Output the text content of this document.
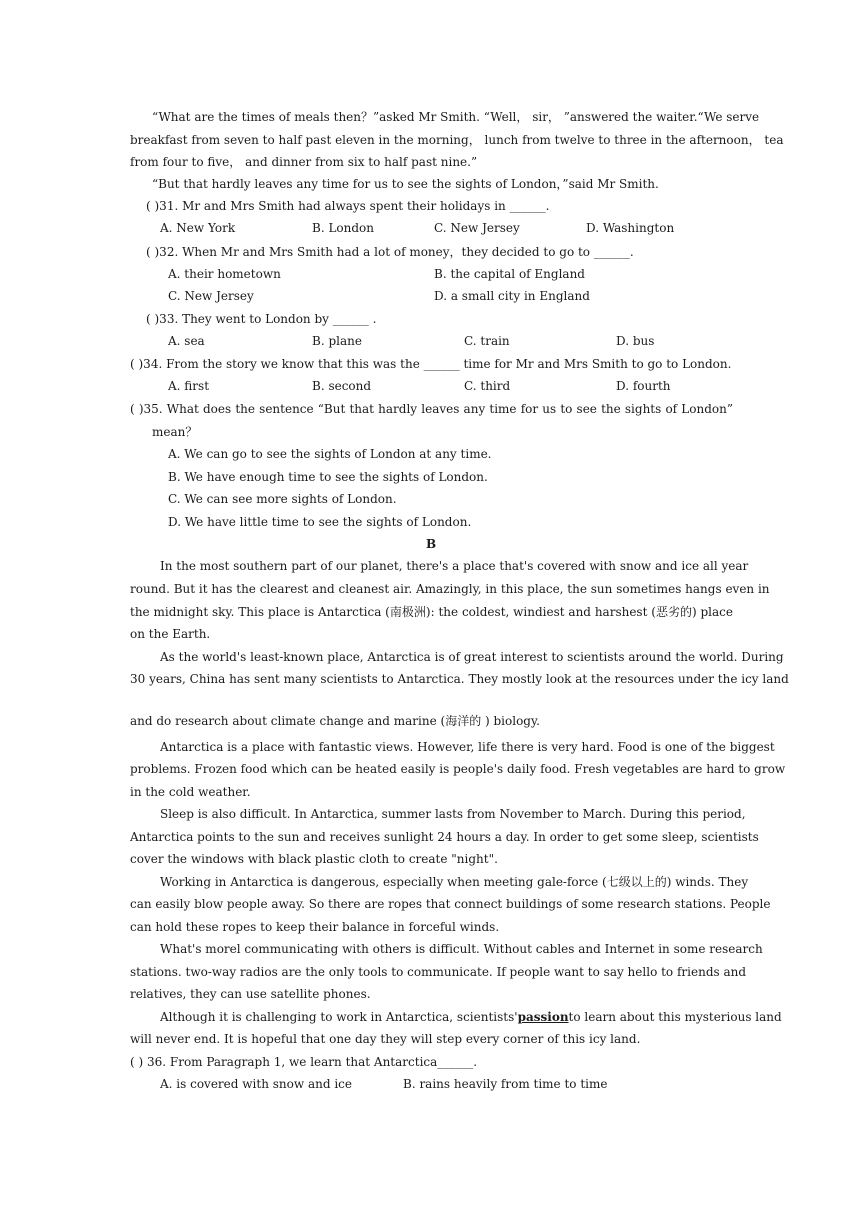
“What are the times of meals then？”asked Mr Smith. “Well， sir， ”answered the waiter.“We serve
breakfast from seven to half past eleven in the morning， lunch from twelve to three in the afternoon， tea
from four to five， and dinner from six to half past nine.”
“But that hardly leaves any time for us to see the sights of London，”said Mr Smith.
( )31. Mr and Mrs Smith had always spent their holidays in ______.
A. New York	B. London	C. New Jersey	D. Washington
( )32. When Mr and Mrs Smith had a lot of money，they decided to go to ______.
A. their hometown	B. the capital of England
C. New Jersey	D. a small city in England
( )33. They went to London by ______ .
A. sea	B. plane	C. train	D. bus
( )34. From the story we know that this was the ______ time for Mr and Mrs Smith to go to London.
A. first	B. second	C. third	D. fourth
( )35. What does the sentence “But that hardly leaves any time for us to see the sights of London”
mean？
A. We can go to see the sights of London at any time.
B. We have enough time to see the sights of London.
C. We can see more sights of London.
D. We have little time to see the sights of London.
B
In the most southern part of our planet, there's a place that's covered with snow and ice all year
round. But it has the clearest and cleanest air. Amazingly, in this place, the sun sometimes hangs even in
the midnight sky. This place is Antarctica (南极洲): the coldest, windiest and harshest (恶劣的) place
on the Earth.
As the world's least-known place, Antarctica is of great interest to scientists around the world. During
30 years, China has sent many scientists to Antarctica. They mostly look at the resources under the icy land
and do research about climate change and marine (海洋的 ) biology.
Antarctica is a place with fantastic views. However, life there is very hard. Food is one of the biggest
problems. Frozen food which can be heated easily is people's daily food. Fresh vegetables are hard to grow
in the cold weather.
Sleep is also difficult. In Antarctica, summer lasts from November to March. During this period,
Antarctica points to the sun and receives sunlight 24 hours a day. In order to get some sleep, scientists
cover the windows with black plastic cloth to create "night".
Working in Antarctica is dangerous, especially when meeting gale-force (七级以上的) winds. They
can easily blow people away. So there are ropes that connect buildings of some research stations. People
can hold these ropes to keep their balance in forceful winds.
What's morel communicating with others is difficult. Without cables and Internet in some research
stations. two-way radios are the only tools to communicate. If people want to say hello to friends and
relatives, they can use satellite phones.
Although it is challenging to work in Antarctica, scientists' passion to learn about this mysterious land
will never end. It is hopeful that one day they will step every corner of this icy land.
( ) 36. From Paragraph 1, we learn that Antarctica______.
A. is covered with snow and ice	B. rains heavily from time to time
